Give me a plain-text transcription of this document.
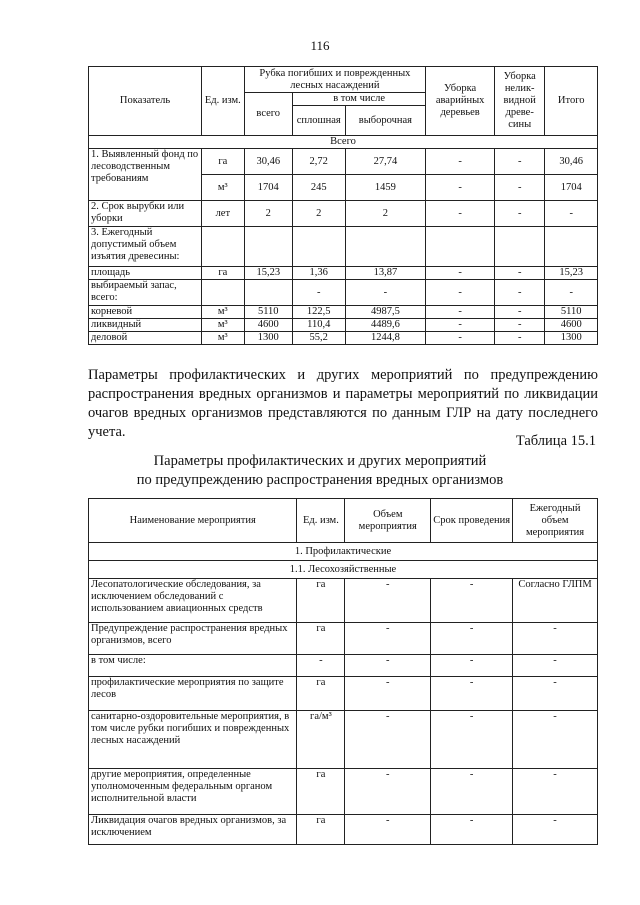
116
Показатель	Ед. изм.	Рубка погибших и поврежденных лесных насаждений			Уборка аварийных деревьев	Уборка нелик-видной древе-сины	Итого
		всего	в том числе				
			сплошная	выборочная			
Всего							
1. Выявленный фонд по лесоводственным требованиям	га	30,46	2,72	27,74	-	-	30,46
	м³	1704	245	1459	-	-	1704
2. Срок вырубки или уборки	лет	2	2	2	-	-	-
3. Ежегодный допустимый объем изъятия древесины:							
площадь	га	15,23	1,36	13,87	-	-	15,23
выбираемый запас, всего:			-	-	-	-	-
корневой	м³	5110	122,5	4987,5	-	-	5110
ликвидный	м³	4600	110,4	4489,6	-	-	4600
деловой	м³	1300	55,2	1244,8	-	-	1300
Параметры профилактических и других мероприятий по предупреждению распространения вредных организмов и параметры мероприятий по ликвидации очагов вредных организмов представляются по данным ГЛР на дату последнего учета.
Таблица 15.1
Параметры профилактических и других мероприятий
по предупреждению распространения вредных организмов
Наименование мероприятия	Ед. изм.	Объем мероприятия	Срок проведения	Ежегодный объем мероприятия
1. Профилактические				
1.1. Лесохозяйственные				
Лесопатологические обследования, за исключением обследований с использованием авиационных средств	га	-	-	Согласно ГЛПМ
Предупреждение распространения вредных организмов, всего	га	-	-	-
в том числе:	-	-	-	-
профилактические мероприятия по защите лесов	га	-	-	-
санитарно-оздоровительные мероприятия, в том числе рубки погибших и поврежденных лесных насаждений	га/м³	-	-	-
другие мероприятия, определенные уполномоченным федеральным органом исполнительной власти	га	-	-	-
Ликвидация очагов вредных организмов, за исключением	га	-	-	-
